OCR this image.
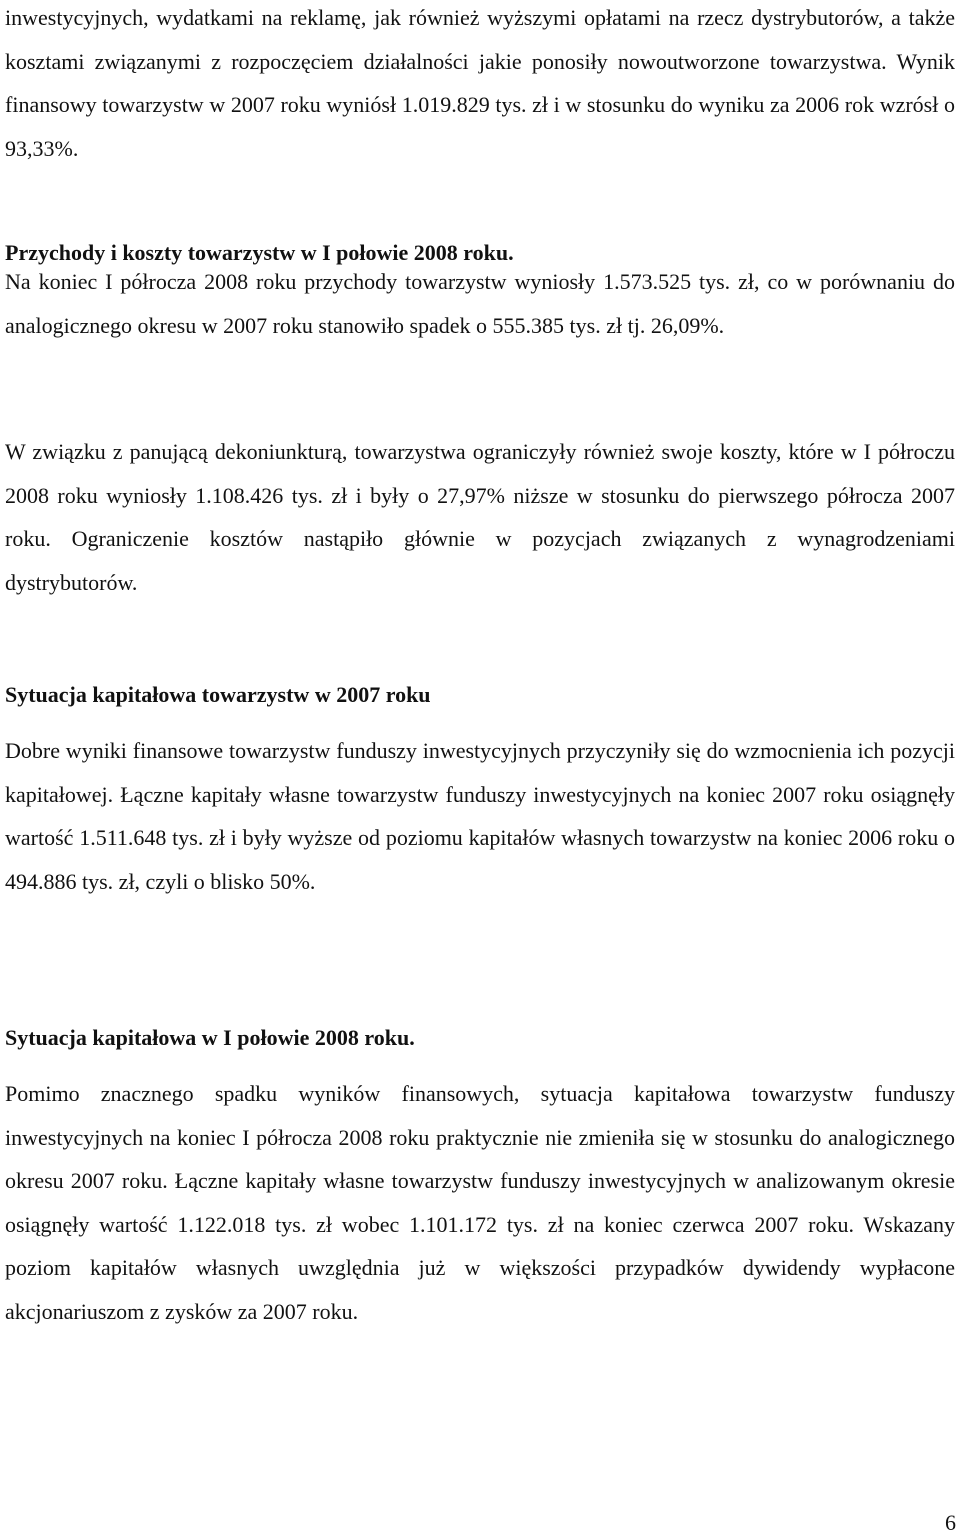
inwestycyjnych, wydatkami na reklamę, jak również wyższymi opłatami na rzecz dystrybutorów, a także kosztami związanymi z rozpoczęciem działalności jakie ponosiły nowoutworzone towarzystwa. Wynik finansowy towarzystw w 2007 roku wyniósł 1.019.829 tys. zł i w stosunku do wyniku za 2006 rok wzrósł o 93,33%.

Przychody i koszty towarzystw w I połowie 2008 roku.

Na koniec I półrocza 2008 roku przychody towarzystw wyniosły 1.573.525 tys. zł, co w porównaniu do analogicznego okresu w 2007 roku stanowiło spadek o 555.385 tys. zł tj. 26,09%.

W związku z panującą dekoniunkturą, towarzystwa ograniczyły również swoje koszty, które w I półroczu 2008 roku wyniosły 1.108.426 tys. zł i były o 27,97% niższe w stosunku do pierwszego półrocza 2007 roku. Ograniczenie kosztów nastąpiło głównie w pozycjach związanych z wynagrodzeniami dystrybutorów.

Sytuacja kapitałowa towarzystw w 2007 roku

Dobre wyniki finansowe towarzystw funduszy inwestycyjnych przyczyniły się do wzmocnienia ich pozycji kapitałowej. Łączne kapitały własne towarzystw funduszy inwestycyjnych na koniec 2007 roku osiągnęły wartość 1.511.648 tys. zł i były wyższe od poziomu kapitałów własnych towarzystw na koniec 2006 roku o 494.886 tys. zł, czyli o blisko 50%.

Sytuacja kapitałowa w I połowie 2008 roku.

Pomimo znacznego spadku wyników finansowych, sytuacja kapitałowa towarzystw funduszy inwestycyjnych na koniec I półrocza 2008 roku praktycznie nie zmieniła się w stosunku do analogicznego okresu 2007 roku. Łączne kapitały własne towarzystw funduszy inwestycyjnych w analizowanym okresie osiągnęły wartość 1.122.018 tys. zł wobec 1.101.172 tys. zł na koniec czerwca 2007 roku. Wskazany poziom kapitałów własnych uwzględnia już w większości przypadków dywidendy wypłacone akcjonariuszom z zysków za 2007 roku.

6
